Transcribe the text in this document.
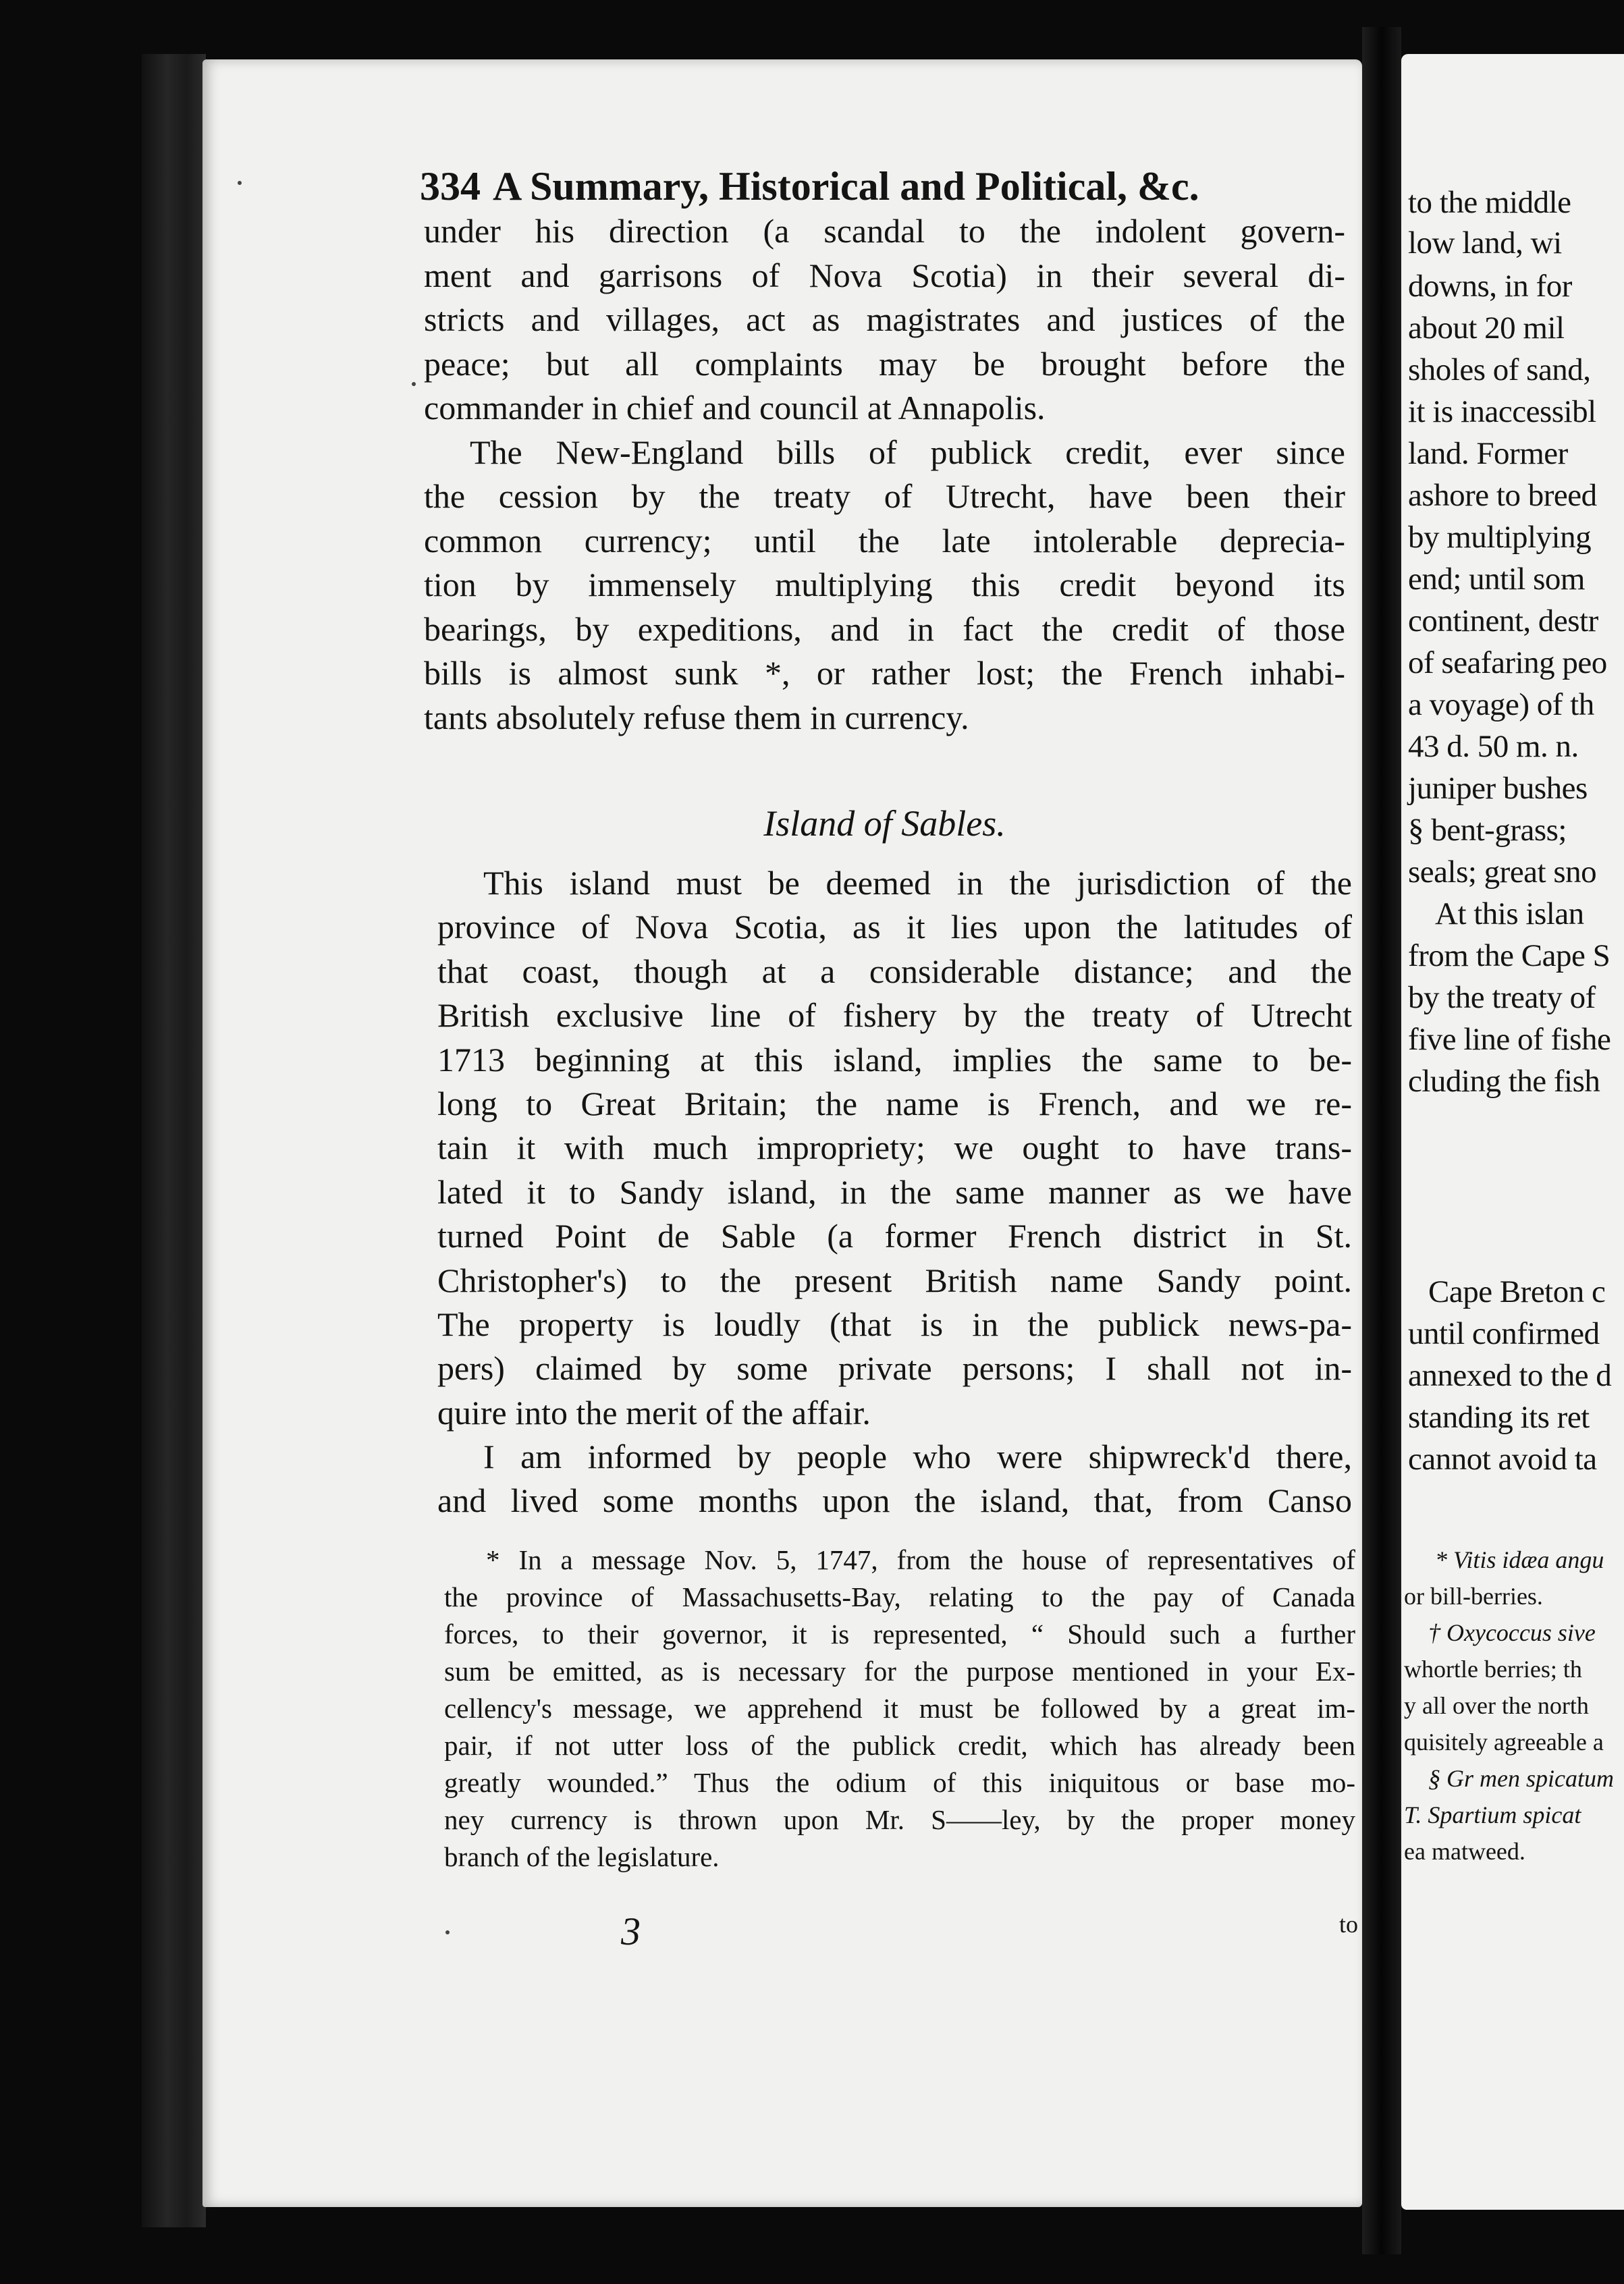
334 A Summary, Historical and Political, &c.
under his direction (a scandal to the indolent govern-
ment and garrisons of Nova Scotia) in their several di-
stricts and villages, act as magistrates and justices of the
peace; but all complaints may be brought before the
commander in chief and council at Annapolis.
The New-England bills of publick credit, ever since
the cession by the treaty of Utrecht, have been their
common currency; until the late intolerable deprecia-
tion by immensely multiplying this credit beyond its
bearings, by expeditions, and in fact the credit of those
bills is almost sunk *, or rather lost; the French inhabi-
tants absolutely refuse them in currency.
Island of Sables.
This island must be deemed in the jurisdiction of the
province of Nova Scotia, as it lies upon the latitudes of
that coast, though at a considerable distance; and the
British exclusive line of fishery by the treaty of Utrecht
1713 beginning at this island, implies the same to be-
long to Great Britain; the name is French, and we re-
tain it with much impropriety; we ought to have trans-
lated it to Sandy island, in the same manner as we have
turned Point de Sable (a former French district in St.
Christopher's) to the present British name Sandy point.
The property is loudly (that is in the publick news-pa-
pers) claimed by some private persons; I shall not in-
quire into the merit of the affair.
I am informed by people who were shipwreck'd there,
and lived some months upon the island, that, from Canso
* In a message Nov. 5, 1747, from the house of representatives of
the province of Massachusetts-Bay, relating to the pay of Canada
forces, to their governor, it is represented, “ Should such a further
sum be emitted, as is necessary for the purpose mentioned in your Ex-
cellency's message, we apprehend it must be followed by a great im-
pair, if not utter loss of the publick credit, which has already been
greatly wounded.” Thus the odium of this iniquitous or base mo-
ney currency is thrown upon Mr. S——ley, by the proper money
branch of the legislature.
3	to
to the middle
low land, wi
downs, in for
about 20 mil
sholes of sand,
it is inaccessibl
land. Former
ashore to breed
by multiplying
end; until som
continent, destr
of seafaring peo
a voyage) of th
43 d. 50 m. n.
juniper bushes
§ bent-grass;
seals; great sno
At this islan
from the Cape S
by the treaty of
five line of fishe
cluding the fish
Cape Breton c
until confirmed
annexed to the d
standing its ret
cannot avoid ta
* Vitis idæa angu
or bill-berries.
† Oxycoccus sive
whortle berries; th
y all over the north
quisitely agreeable a
§ Gr men spicatum
T. Spartium spicat
ea matweed.
